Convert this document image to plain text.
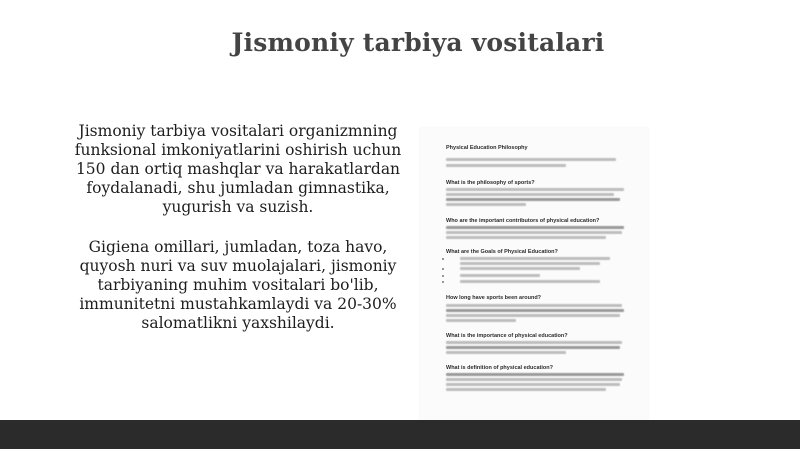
Jismoniy tarbiya vositalari

Jismoniy tarbiya vositalari organizmning funksional imkoniyatlarini oshirish uchun 150 dan ortiq mashqlar va harakatlardan foydalanadi, shu jumladan gimnastika, yugurish va suzish.

Gigiena omillari, jumladan, toza havo, quyosh nuri va suv muolajalari, jismoniy tarbiyaning muhim vositalari bo'lib, immunitetni mustahkamlaydi va 20-30% salomatlikni yaxshilaydi.

Physical Education Philosophy
What is the philosophy of sports?
Who are the important contributors of physical education?
What are the Goals of Physical Education?
How long have sports been around?
What is the importance of physical education?
What is definition of physical education?
